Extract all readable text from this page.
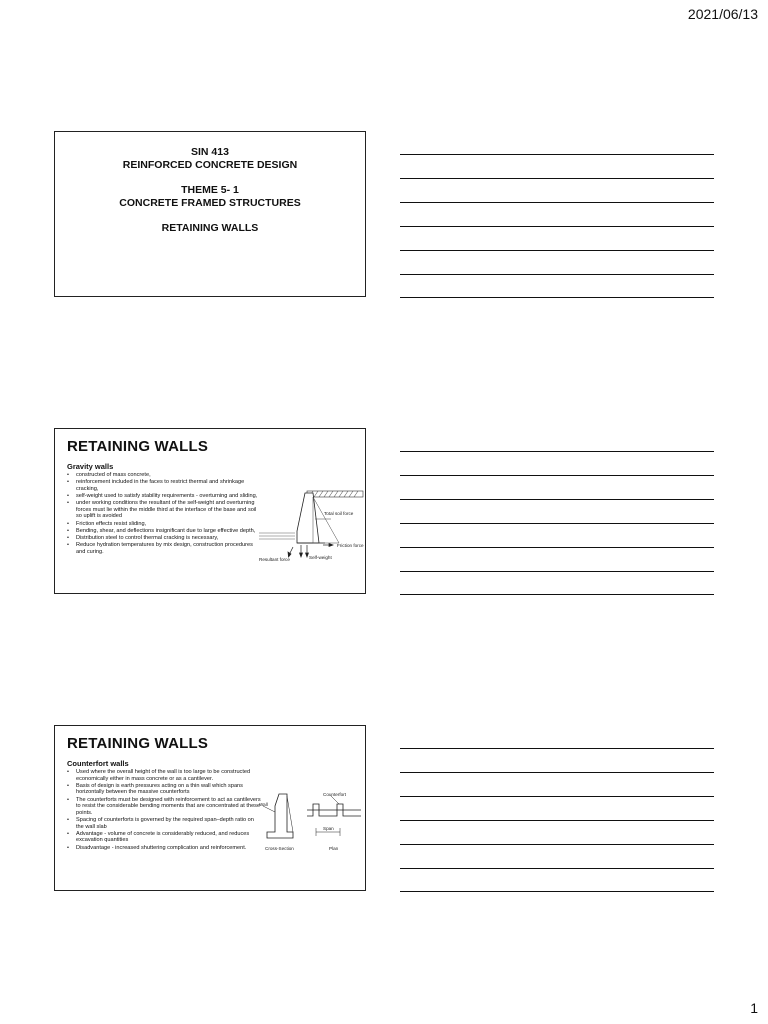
2021/06/13
SIN 413
REINFORCED CONCRETE DESIGN
THEME 5- 1
CONCRETE FRAMED STRUCTURES
RETAINING WALLS
RETAINING WALLS
Gravity walls
• constructed of mass concrete,
• reinforcement included in the faces to restrict thermal and shrinkage cracking,
• self-weight used to satisfy stability requirements - overturning and sliding,
• under working conditions the resultant of the self-weight and overturning forces must lie within the middle third at the interface of the base and soil so uplift is avoided
• Friction effects resist sliding,
• Bending, shear, and deflections insignificant due to large effective depth,
• Distribution steel to control thermal cracking is necessary,
• Reduce hydration temperatures by mix design, construction procedures and curing.
Total soil force
Friction force
Self-weight
Resultant force
RETAINING WALLS
Counterfort walls
• Used where the overall height of the wall is too large to be constructed economically either in mass concrete or as a cantilever.
• Basis of design is earth pressures acting on a thin wall which spans horizontally between the massive counterforts
• The counterforts must be designed with reinforcement to act as cantilevers to resist the considerable bending moments that are concentrated at these points.
• Spacing of counterforts is governed by the required span–depth ratio on the wall slab
• Advantage - volume of concrete is considerably reduced, and reduces excavation quantities
• Disadvantage - increased shuttering complication and reinforcement.
Wall
Cross-Section
Counterfort
Span
Plan
1
